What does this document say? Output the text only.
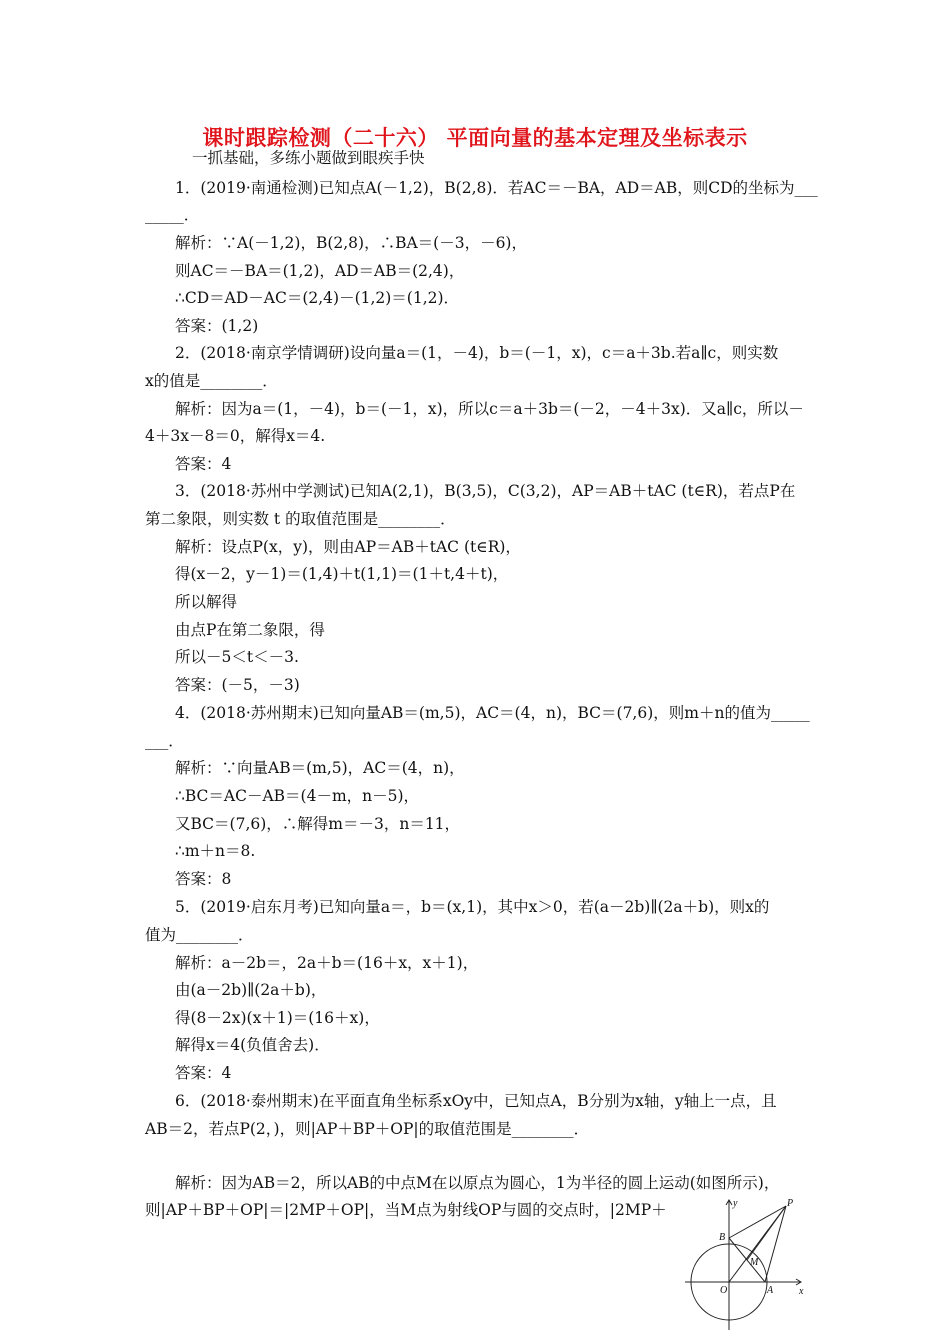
课时跟踪检测（二十六） 平面向量的基本定理及坐标表示
一抓基础，多练小题做到眼疾手快
1．(2019·南通检测)已知点A(－1,2)，B(2,8)．若AC＝－BA，AD＝AB，则CD的坐标为___
_____．
解析：∵A(－1,2)，B(2,8)，∴BA＝(－3，－6)，
则AC＝－BA＝(1,2)，AD＝AB＝(2,4)，
∴CD＝AD－AC＝(2,4)－(1,2)＝(1,2)．
答案：(1,2)
2．(2018·南京学情调研)设向量a＝(1，－4)，b＝(－1，x)，c＝a＋3b.若a∥c，则实数
x的值是________．
解析：因为a＝(1，－4)，b＝(－1，x)，所以c＝a＋3b＝(－2，－4＋3x)．又a∥c，所以－
4＋3x－8＝0，解得x＝4.
答案：4
3．(2018·苏州中学测试)已知A(2,1)，B(3,5)，C(3,2)，AP＝AB＋tAC (t∈R)，若点P在
第二象限，则实数 t 的取值范围是________．
解析：设点P(x，y)，则由AP＝AB＋tAC (t∈R)，
得(x－2，y－1)＝(1,4)＋t(1,1)＝(1＋t,4＋t)，
所以解得
由点P在第二象限，得
所以－5＜t＜－3.
答案：(－5，－3)
4．(2018·苏州期末)已知向量AB＝(m,5)，AC＝(4，n)，BC＝(7,6)，则m＋n的值为_____
___．
解析：∵向量AB＝(m,5)，AC＝(4，n)，
∴BC＝AC－AB＝(4－m，n－5)，
又BC＝(7,6)，∴解得m＝－3，n＝11，
∴m＋n＝8.
答案：8
5．(2019·启东月考)已知向量a＝，b＝(x,1)，其中x＞0，若(a－2b)∥(2a＋b)，则x的
值为________．
解析：a－2b＝，2a＋b＝(16＋x，x＋1)，
由(a－2b)∥(2a＋b)，
得(8－2x)(x＋1)＝(16＋x)，
解得x＝4(负值舍去)．
答案：4
6．(2018·泰州期末)在平面直角坐标系xOy中，已知点A，B分别为x轴，y轴上一点，且
AB＝2，若点P(2，)，则|AP＋BP＋OP|的取值范围是________．
解析：因为AB＝2，所以AB的中点M在以原点为圆心，1为半径的圆上运动(如图所示)，
则|AP＋BP＋OP|＝|2MP＋OP|，当M点为射线OP与圆的交点时，|2MP＋	y
x
P
B
M
O	A
